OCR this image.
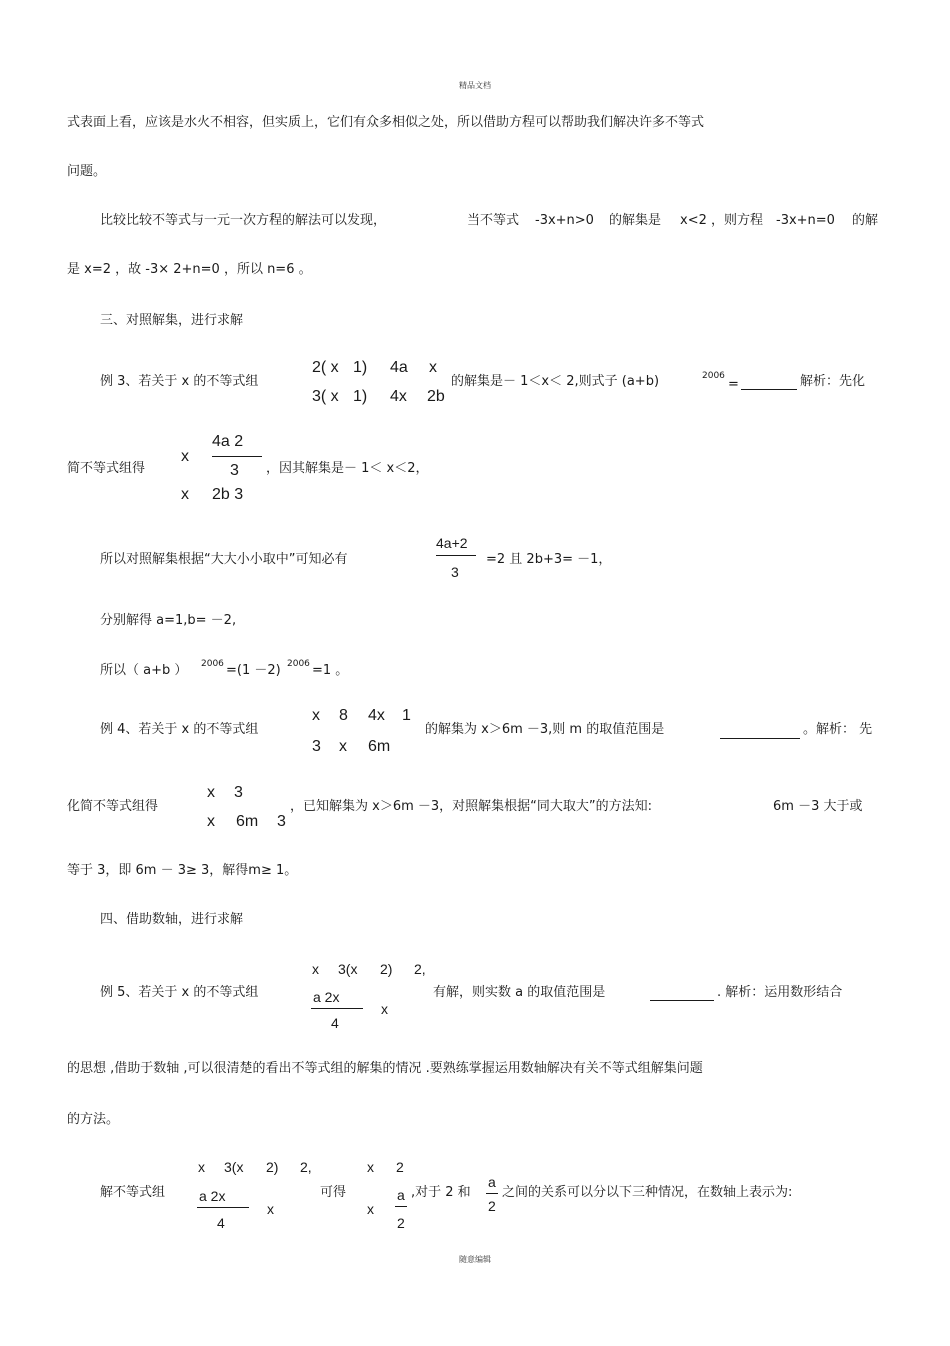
精品文档
随意编辑
式表面上看，应该是水火不相容，但实质上，它们有众多相似之处，所以借助方程可以帮助我们解决许多不等式
问题。
比较比较不等式与一元一次方程的解法可以发现，	当不等式 -3x+n>0 的解集是 x<2 ，则方程 -3x+n=0 的解
是 x=2 ，故 -3× 2+n=0 ，所以 n=6 。
三、对照解集，进行求解
例 3、若关于 x 的不等式组
2( x 1) 4a x
3( x 1) 4x 2b
的解集是－ 1＜x＜ 2,则式子 (a+b)	2006
=	解析：先化
简不等式组得
x
4a 2
3 ，因其解集是－ 1＜ x＜2，
x 2b 3
所以对照解集根据“大大小小取中”可知必有
4a+2
3
=2 且 2b+3= －1，
分别解得 a=1,b= －2,
所以（ a+b ） 2006 =(1 －2) 2006 =1 。
例 4、若关于 x 的不等式组
x 8 4x 1
3 x 6m
的解集为 x＞6m －3,则 m 的取值范围是	。解析： 先
化简不等式组得
x 3
x 6m 3
，已知解集为 x＞6m －3，对照解集根据“同大取大”的方法知:	6m －3 大于或
等于 3，即 6m － 3≥ 3，解得m≥ 1。
四、借助数轴，进行求解
例 5、若关于 x 的不等式组
x 3(x 2) 2,
a 2x
4
x
有解，则实数 a 的取值范围是	. 解析：运用数形结合
的思想 ,借助于数轴 ,可以很清楚的看出不等式组的解集的情况 .要熟练掌握运用数轴解决有关不等式组解集问题
的方法。
解不等式组
x 3(x 2) 2,
a 2x
4
x
可得
x 2
x
a
2
,对于 2 和
a
2
之间的关系可以分以下三种情况，在数轴上表示为:
